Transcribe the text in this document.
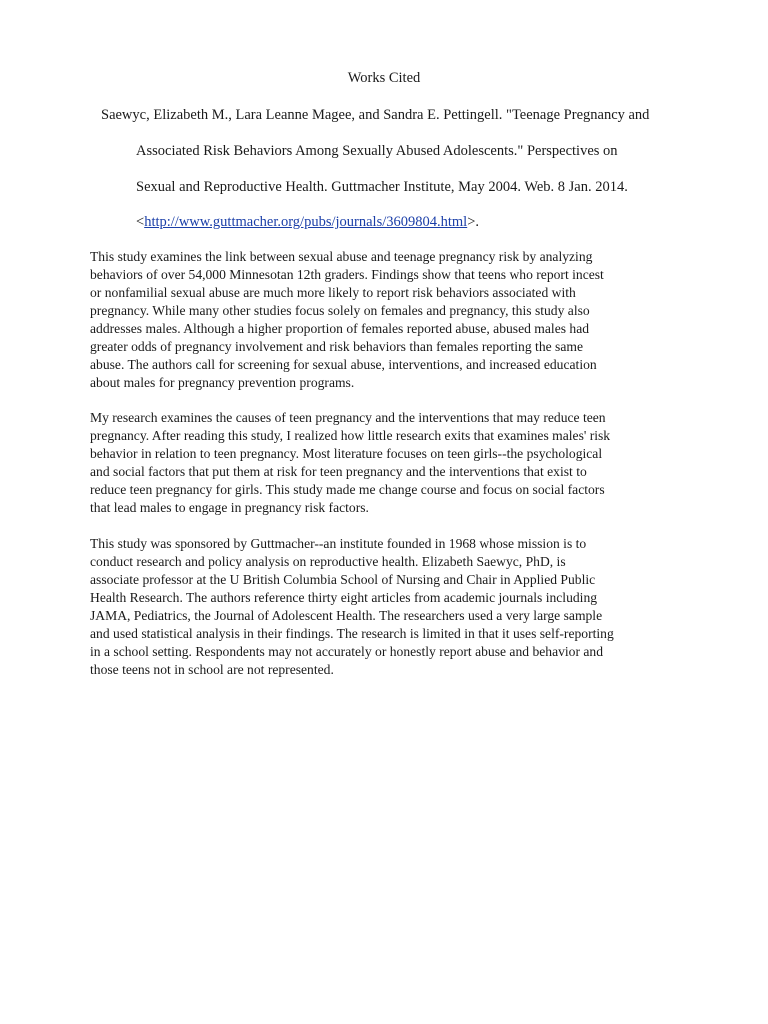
Works Cited
Saewyc, Elizabeth M., Lara Leanne Magee, and Sandra E. Pettingell. "Teenage Pregnancy and
Associated Risk Behaviors Among Sexually Abused Adolescents." Perspectives on
Sexual and Reproductive Health. Guttmacher Institute, May 2004. Web. 8 Jan. 2014.
<http://www.guttmacher.org/pubs/journals/3609804.html>.
This study examines the link between sexual abuse and teenage pregnancy risk by analyzing
behaviors of over 54,000 Minnesotan 12th graders. Findings show that teens who report incest
or nonfamilial sexual abuse are much more likely to report risk behaviors associated with
pregnancy. While many other studies focus solely on females and pregnancy, this study also
addresses males. Although a higher proportion of females reported abuse, abused males had
greater odds of pregnancy involvement and risk behaviors than females reporting the same
abuse. The authors call for screening for sexual abuse, interventions, and increased education
about males for pregnancy prevention programs.
My research examines the causes of teen pregnancy and the interventions that may reduce teen
pregnancy. After reading this study, I realized how little research exits that examines males' risk
behavior in relation to teen pregnancy. Most literature focuses on teen girls--the psychological
and social factors that put them at risk for teen pregnancy and the interventions that exist to
reduce teen pregnancy for girls. This study made me change course and focus on social factors
that lead males to engage in pregnancy risk factors.
This study was sponsored by Guttmacher--an institute founded in 1968 whose mission is to
conduct research and policy analysis on reproductive health. Elizabeth Saewyc, PhD, is
associate professor at the U British Columbia School of Nursing and Chair in Applied Public
Health Research. The authors reference thirty eight articles from academic journals including
JAMA, Pediatrics, the Journal of Adolescent Health. The researchers used a very large sample
and used statistical analysis in their findings. The research is limited in that it uses self-reporting
in a school setting. Respondents may not accurately or honestly report abuse and behavior and
those teens not in school are not represented.
